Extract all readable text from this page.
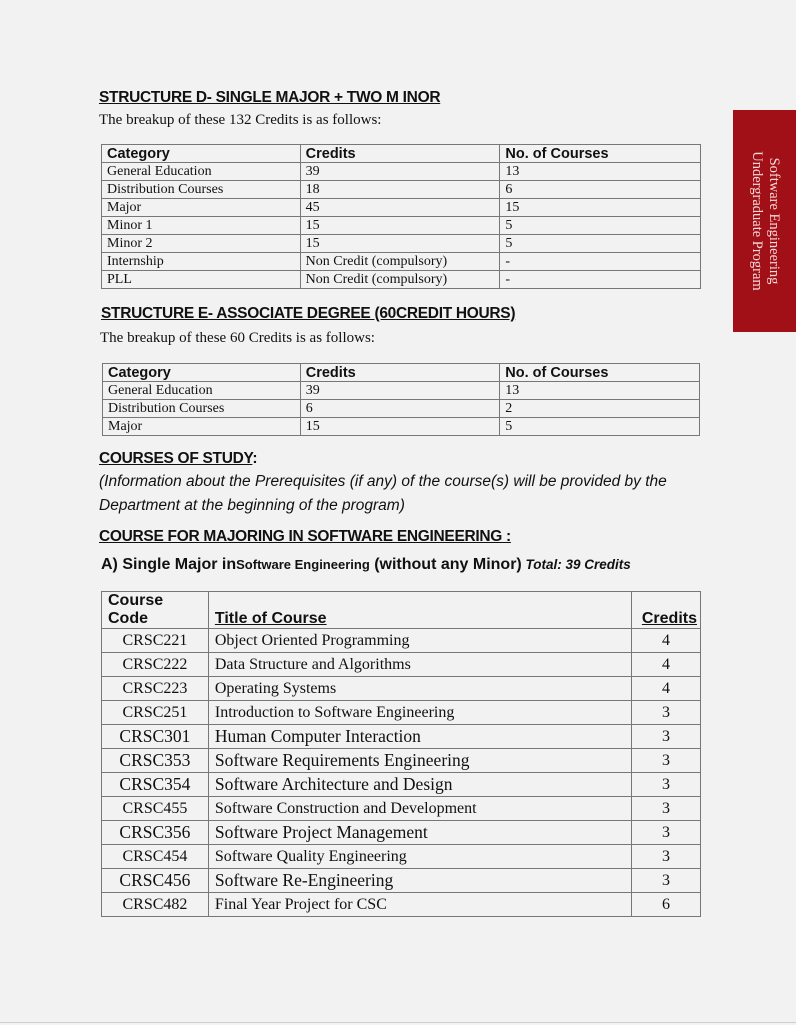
Software Engineering
Undergraduate Program
STRUCTURE D- SINGLE MAJOR + TWO M INOR
The breakup of these 132 Credits is as follows:
Category	Credits	No. of Courses
General Education	39	13
Distribution Courses	18	6
Major	45	15
Minor 1	15	5
Minor 2	15	5
Internship	Non Credit (compulsory)	-
PLL	Non Credit (compulsory)	-
STRUCTURE E- ASSOCIATE DEGREE (60CREDIT HOURS)
The breakup of these 60 Credits is as follows:
Category	Credits	No. of Courses
General Education	39	13
Distribution Courses	6	2
Major	15	5
COURSES OF STUDY:
(Information about the Prerequisites (if any) of the course(s) will be provided by the
Department at the beginning of the program)
COURSE FOR MAJORING IN SOFTWARE ENGINEERING :
A) Single Major inSoftware Engineering (without any Minor) Total: 39 Credits
Course
Code	Title of Course	Credits
CRSC221	Object Oriented Programming	4
CRSC222	Data Structure and Algorithms	4
CRSC223	Operating Systems	4
CRSC251	Introduction to Software Engineering	3
CRSC301	Human Computer Interaction	3
CRSC353	Software Requirements Engineering	3
CRSC354	Software Architecture and Design	3
CRSC455	Software Construction and Development	3
CRSC356	Software Project Management	3
CRSC454	Software Quality Engineering	3
CRSC456	Software Re-Engineering	3
CRSC482	Final Year Project for CSC	6
